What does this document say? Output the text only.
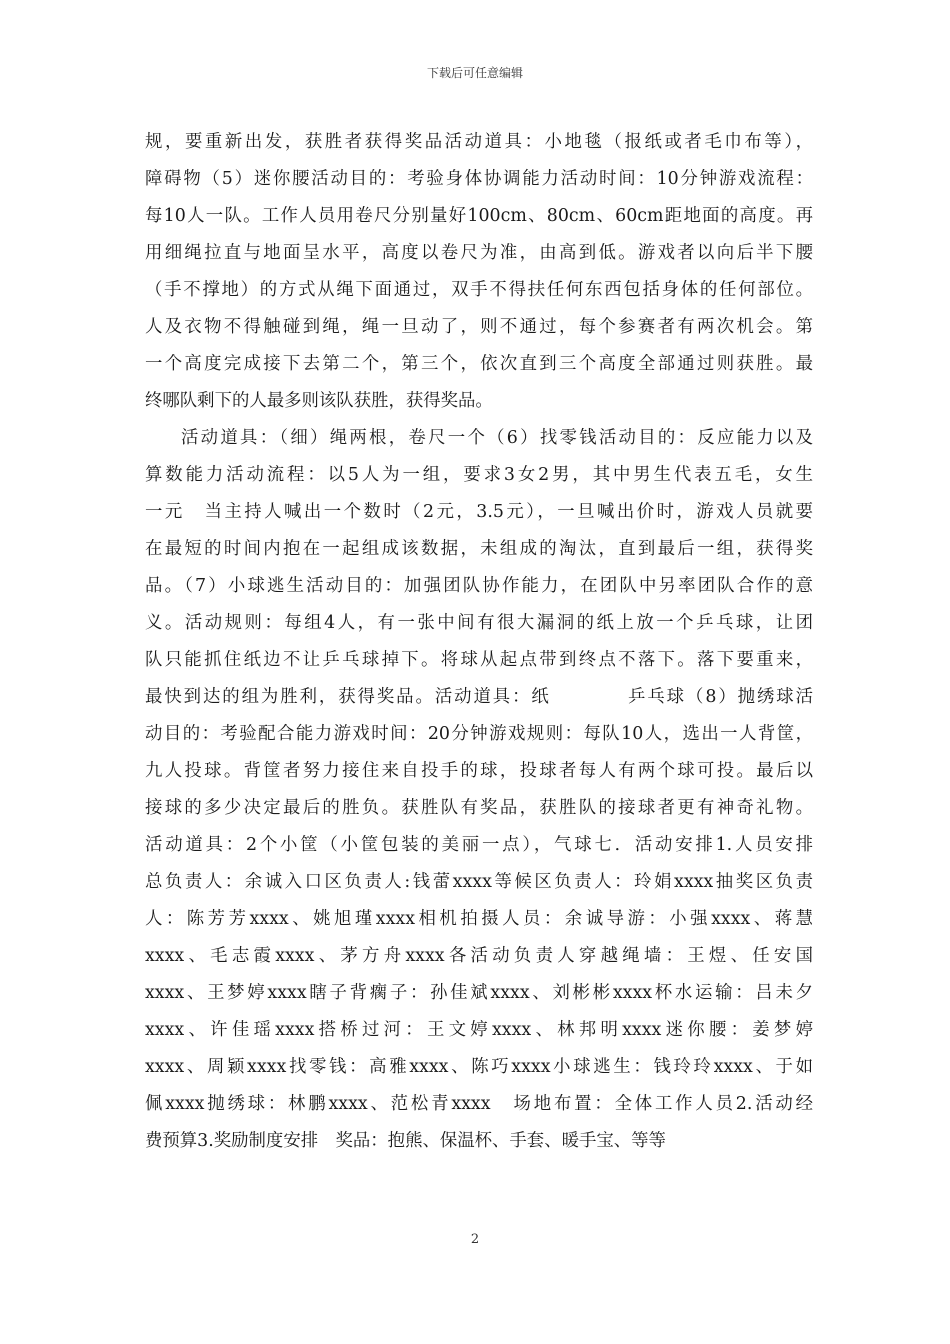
下载后可任意编辑
规，要重新出发，获胜者获得奖品活动道具：小地毯（报纸或者毛巾布等），
障碍物（5）迷你腰活动目的：考验身体协调能力活动时间：10分钟游戏流程：
每10人一队。工作人员用卷尺分别量好100cm、80cm、60cm距地面的高度。再
用细绳拉直与地面呈水平，高度以卷尺为准，由高到低。游戏者以向后半下腰
（手不撑地）的方式从绳下面通过，双手不得扶任何东西包括身体的任何部位。
人及衣物不得触碰到绳，绳一旦动了，则不通过，每个参赛者有两次机会。第
一个高度完成接下去第二个，第三个，依次直到三个高度全部通过则获胜。最
终哪队剩下的人最多则该队获胜，获得奖品。
活动道具：（细）绳两根，卷尺一个（6）找零钱活动目的：反应能力以及
算数能力活动流程：以5人为一组，要求3女2男，其中男生代表五毛，女生
一元　当主持人喊出一个数时（2元，3.5元），一旦喊出价时，游戏人员就要
在最短的时间内抱在一起组成该数据，未组成的淘汰，直到最后一组，获得奖
品。（7）小球逃生活动目的：加强团队协作能力，在团队中另率团队合作的意
义。活动规则：每组4人，有一张中间有很大漏洞的纸上放一个乒乓球，让团
队只能抓住纸边不让乒乓球掉下。将球从起点带到终点不落下。落下要重来，
最快到达的组为胜利，获得奖品。活动道具：纸　　　　乒乓球（8）抛绣球活
动目的：考验配合能力游戏时间：20分钟游戏规则：每队10人，选出一人背筐，
九人投球。背筐者努力接住来自投手的球，投球者每人有两个球可投。最后以
接球的多少决定最后的胜负。获胜队有奖品，获胜队的接球者更有神奇礼物。
活动道具：2个小筐（小筐包装的美丽一点），气球七．活动安排1.人员安排
总负责人：余诚入口区负责人:钱蕾xxxx等候区负责人：玲娟xxxx抽奖区负责
人：陈芳芳xxxx、姚旭瑾xxxx相机拍摄人员：余诚导游：小强xxxx、蒋慧
xxxx、毛志霞xxxx、茅方舟xxxx各活动负责人穿越绳墙：王煜、任安国
xxxx、王梦婷xxxx瞎子背瘸子：孙佳斌xxxx、刘彬彬xxxx杯水运输：吕未夕
xxxx、许佳瑶xxxx搭桥过河：王文婷xxxx、林邦明xxxx迷你腰：姜梦婷
xxxx、周颖xxxx找零钱：高雅xxxx、陈巧xxxx小球逃生：钱玲玲xxxx、于如
佩xxxx抛绣球：林鹏xxxx、范松青xxxx　场地布置：全体工作人员2.活动经
费预算3.奖励制度安排　奖品：抱熊、保温杯、手套、暖手宝、等等
2
